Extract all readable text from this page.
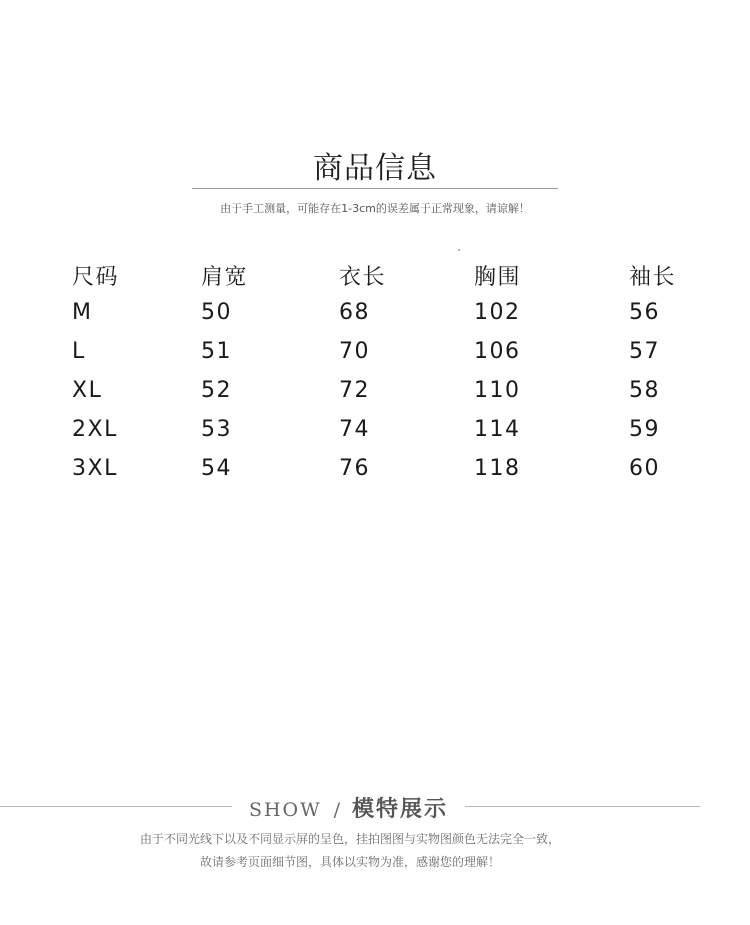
商品信息
由于手工测量，可能存在1-3cm的误差属于正常现象，请谅解！
尺码	肩宽	衣长	胸围	袖长
M	50	68	102	56
L	51	70	106	57
XL	52	72	110	58
2XL	53	74	114	59
3XL	54	76	118	60
SHOW / 模特展示
由于不同光线下以及不同显示屏的呈色，挂拍图图与实物图颜色无法完全一致，
故请参考页面细节图，具体以实物为准，感谢您的理解！
